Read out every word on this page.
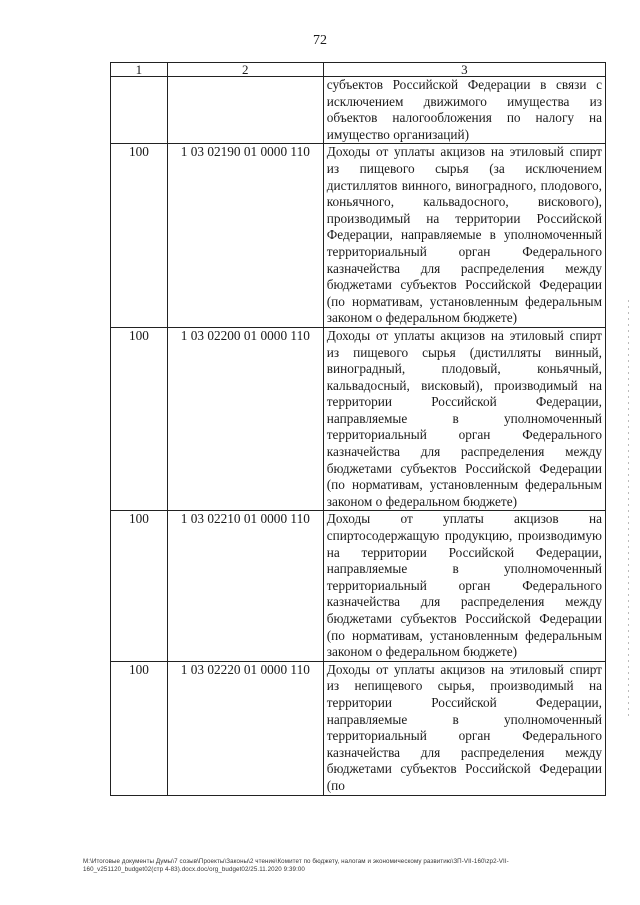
72
1	2	3
		субъектов Российской Федерации в связи с исключением движимого имущества из объектов налогообложения по налогу на имущество организаций)
100	1 03 02190 01 0000 110	Доходы от уплаты акцизов на этиловый спирт из пищевого сырья (за исключением дистиллятов винного, виноградного, плодового, коньячного, кальвадосного, вискового), производимый на территории Российской Федерации, направляемые в уполномоченный территориальный орган Федерального казначейства для распределения между бюджетами субъектов Российской Федерации (по нормативам, установленным федеральным законом о федеральном бюджете)
100	1 03 02200 01 0000 110	Доходы от уплаты акцизов на этиловый спирт из пищевого сырья (дистилляты винный, виноградный, плодовый, коньячный, кальвадосный, висковый), производимый на территории Российской Федерации, направляемые в уполномоченный территориальный орган Федерального казначейства для распределения между бюджетами субъектов Российской Федерации (по нормативам, установленным федеральным законом о федеральном бюджете)
100	1 03 02210 01 0000 110	Доходы от уплаты акцизов на спиртосодержащую продукцию, производимую на территории Российской Федерации, направляемые в уполномоченный территориальный орган Федерального казначейства для распределения между бюджетами субъектов Российской Федерации (по нормативам, установленным федеральным законом о федеральном бюджете)
100	1 03 02220 01 0000 110	Доходы от уплаты акцизов на этиловый спирт из непищевого сырья, производимый на территории Российской Федерации, направляемые в уполномоченный территориальный орган Федерального казначейства для распределения между бюджетами субъектов Российской Федерации (по
М:\Итоговые документы Думы\7 созыв\Проекты\Законы\2 чтение\Комитет по бюджету, налогам и экономическому развитию\ЗП-VII-160\zp2-VII-
160_v251120_budget02(стр 4-83).docx.doc/org_budget02/25.11.2020 9:39:00
